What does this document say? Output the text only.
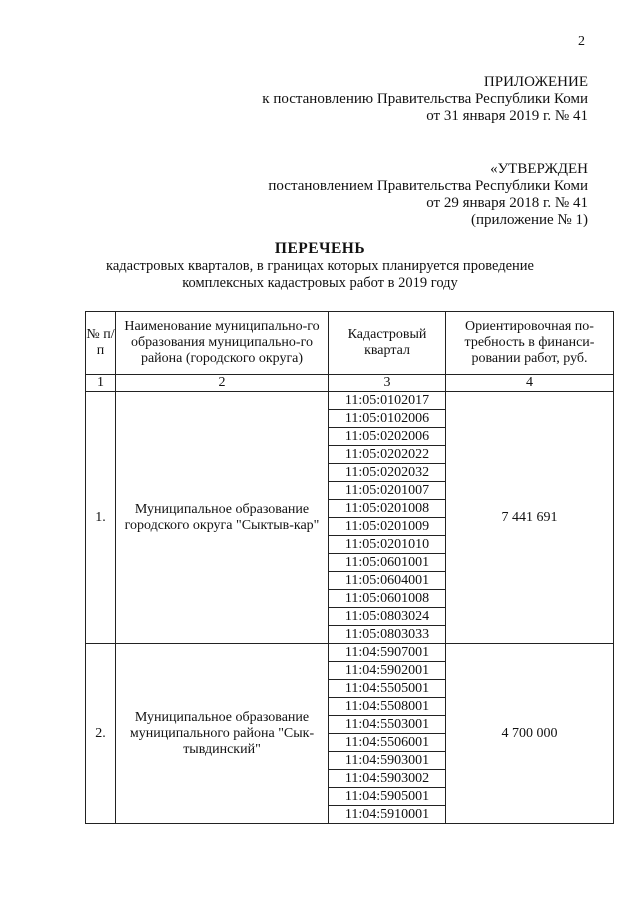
2
ПРИЛОЖЕНИЕ
к постановлению Правительства Республики Коми
от 31 января 2019 г. № 41
«УТВЕРЖДЕН
постановлением Правительства Республики Коми
от 29 января 2018 г. № 41
(приложение № 1)
ПЕРЕЧЕНЬ
кадастровых кварталов, в границах которых планируется проведение
комплексных кадастровых работ в 2019 году
№ п/п	Наименование муниципально-го образования муниципально-го района (городского округа)	Кадастровый квартал	Ориентировочная по-требность в финанси-ровании работ, руб.
1	2	3	4
1.	Муниципальное образование городского округа "Сыктыв-кар"	11:05:0102017	7 441 691
		11:05:0102006	
		11:05:0202006	
		11:05:0202022	
		11:05:0202032	
		11:05:0201007	
		11:05:0201008	
		11:05:0201009	
		11:05:0201010	
		11:05:0601001	
		11:05:0604001	
		11:05:0601008	
		11:05:0803024	
		11:05:0803033	
2.	Муниципальное образование муниципального района "Сык-тывдинский"	11:04:5907001	4 700 000
		11:04:5902001	
		11:04:5505001	
		11:04:5508001	
		11:04:5503001	
		11:04:5506001	
		11:04:5903001	
		11:04:5903002	
		11:04:5905001	
		11:04:5910001	
